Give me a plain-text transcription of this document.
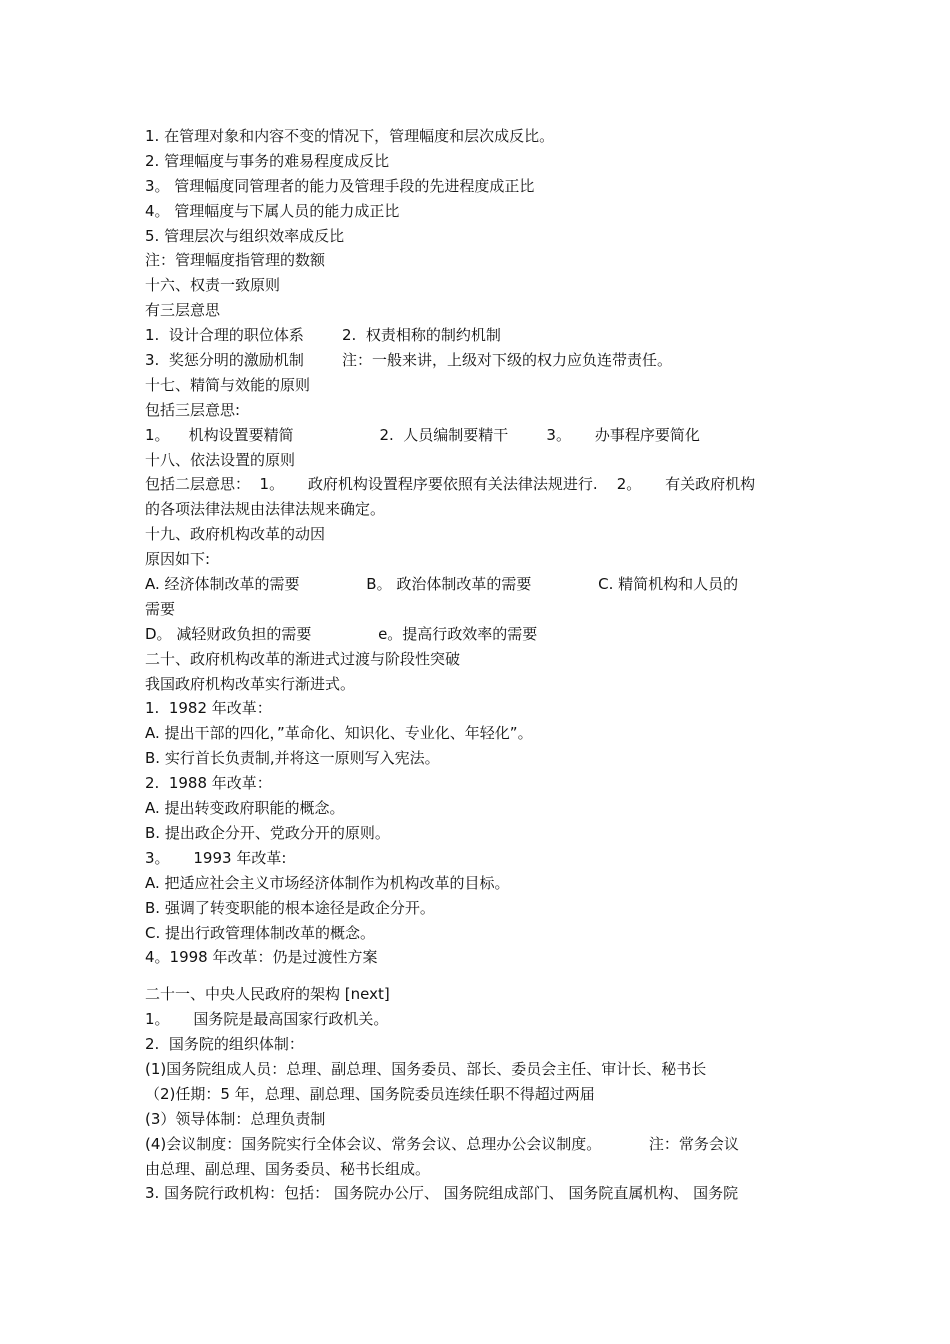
1. 在管理对象和内容不变的情况下，管理幅度和层次成反比。
2. 管理幅度与事务的难易程度成反比
3。 管理幅度同管理者的能力及管理手段的先进程度成正比
4。 管理幅度与下属人员的能力成正比
5. 管理层次与组织效率成反比
注：管理幅度指管理的数额
十六、权责一致原则
有三层意思
1.  设计合理的职位体系        2.  权责相称的制约机制
3.  奖惩分明的激励机制        注：一般来讲，上级对下级的权力应负连带责任。
十七、精简与效能的原则
包括三层意思:
1。    机构设置要精简                  2.  人员编制要精干        3。     办事程序要简化
十八、依法设置的原则
包括二层意思：  1。     政府机构设置程序要依照有关法律法规进行.    2。     有关政府机构
的各项法律法规由法律法规来确定。
十九、政府机构改革的动因
原因如下:
A. 经济体制改革的需要              B。 政治体制改革的需要              C. 精简机构和人员的
需要
D。 减轻财政负担的需要              e。提高行政效率的需要
二十、政府机构改革的渐进式过渡与阶段性突破
我国政府机构改革实行渐进式。
1.  1982 年改革：
A. 提出干部的四化，”革命化、知识化、专业化、年轻化”。
B. 实行首长负责制,并将这一原则写入宪法。
2.  1988 年改革：
A. 提出转变政府职能的概念。
B. 提出政企分开、党政分开的原则。
3。     1993 年改革:
A. 把适应社会主义市场经济体制作为机构改革的目标。
B. 强调了转变职能的根本途径是政企分开。
C. 提出行政管理体制改革的概念。
4。1998 年改革：仍是过渡性方案
二十一、中央人民政府的架构 [next]
1。     国务院是最高国家行政机关。
2.  国务院的组织体制：
(1)国务院组成人员：总理、副总理、国务委员、部长、委员会主任、审计长、秘书长
（2)任期：5 年，总理、副总理、国务院委员连续任职不得超过两届
(3）领导体制：总理负责制
(4)会议制度：国务院实行全体会议、常务会议、总理办公会议制度。          注：常务会议
由总理、副总理、国务委员、秘书长组成。
3. 国务院行政机构：包括： 国务院办公厅、 国务院组成部门、 国务院直属机构、 国务院
